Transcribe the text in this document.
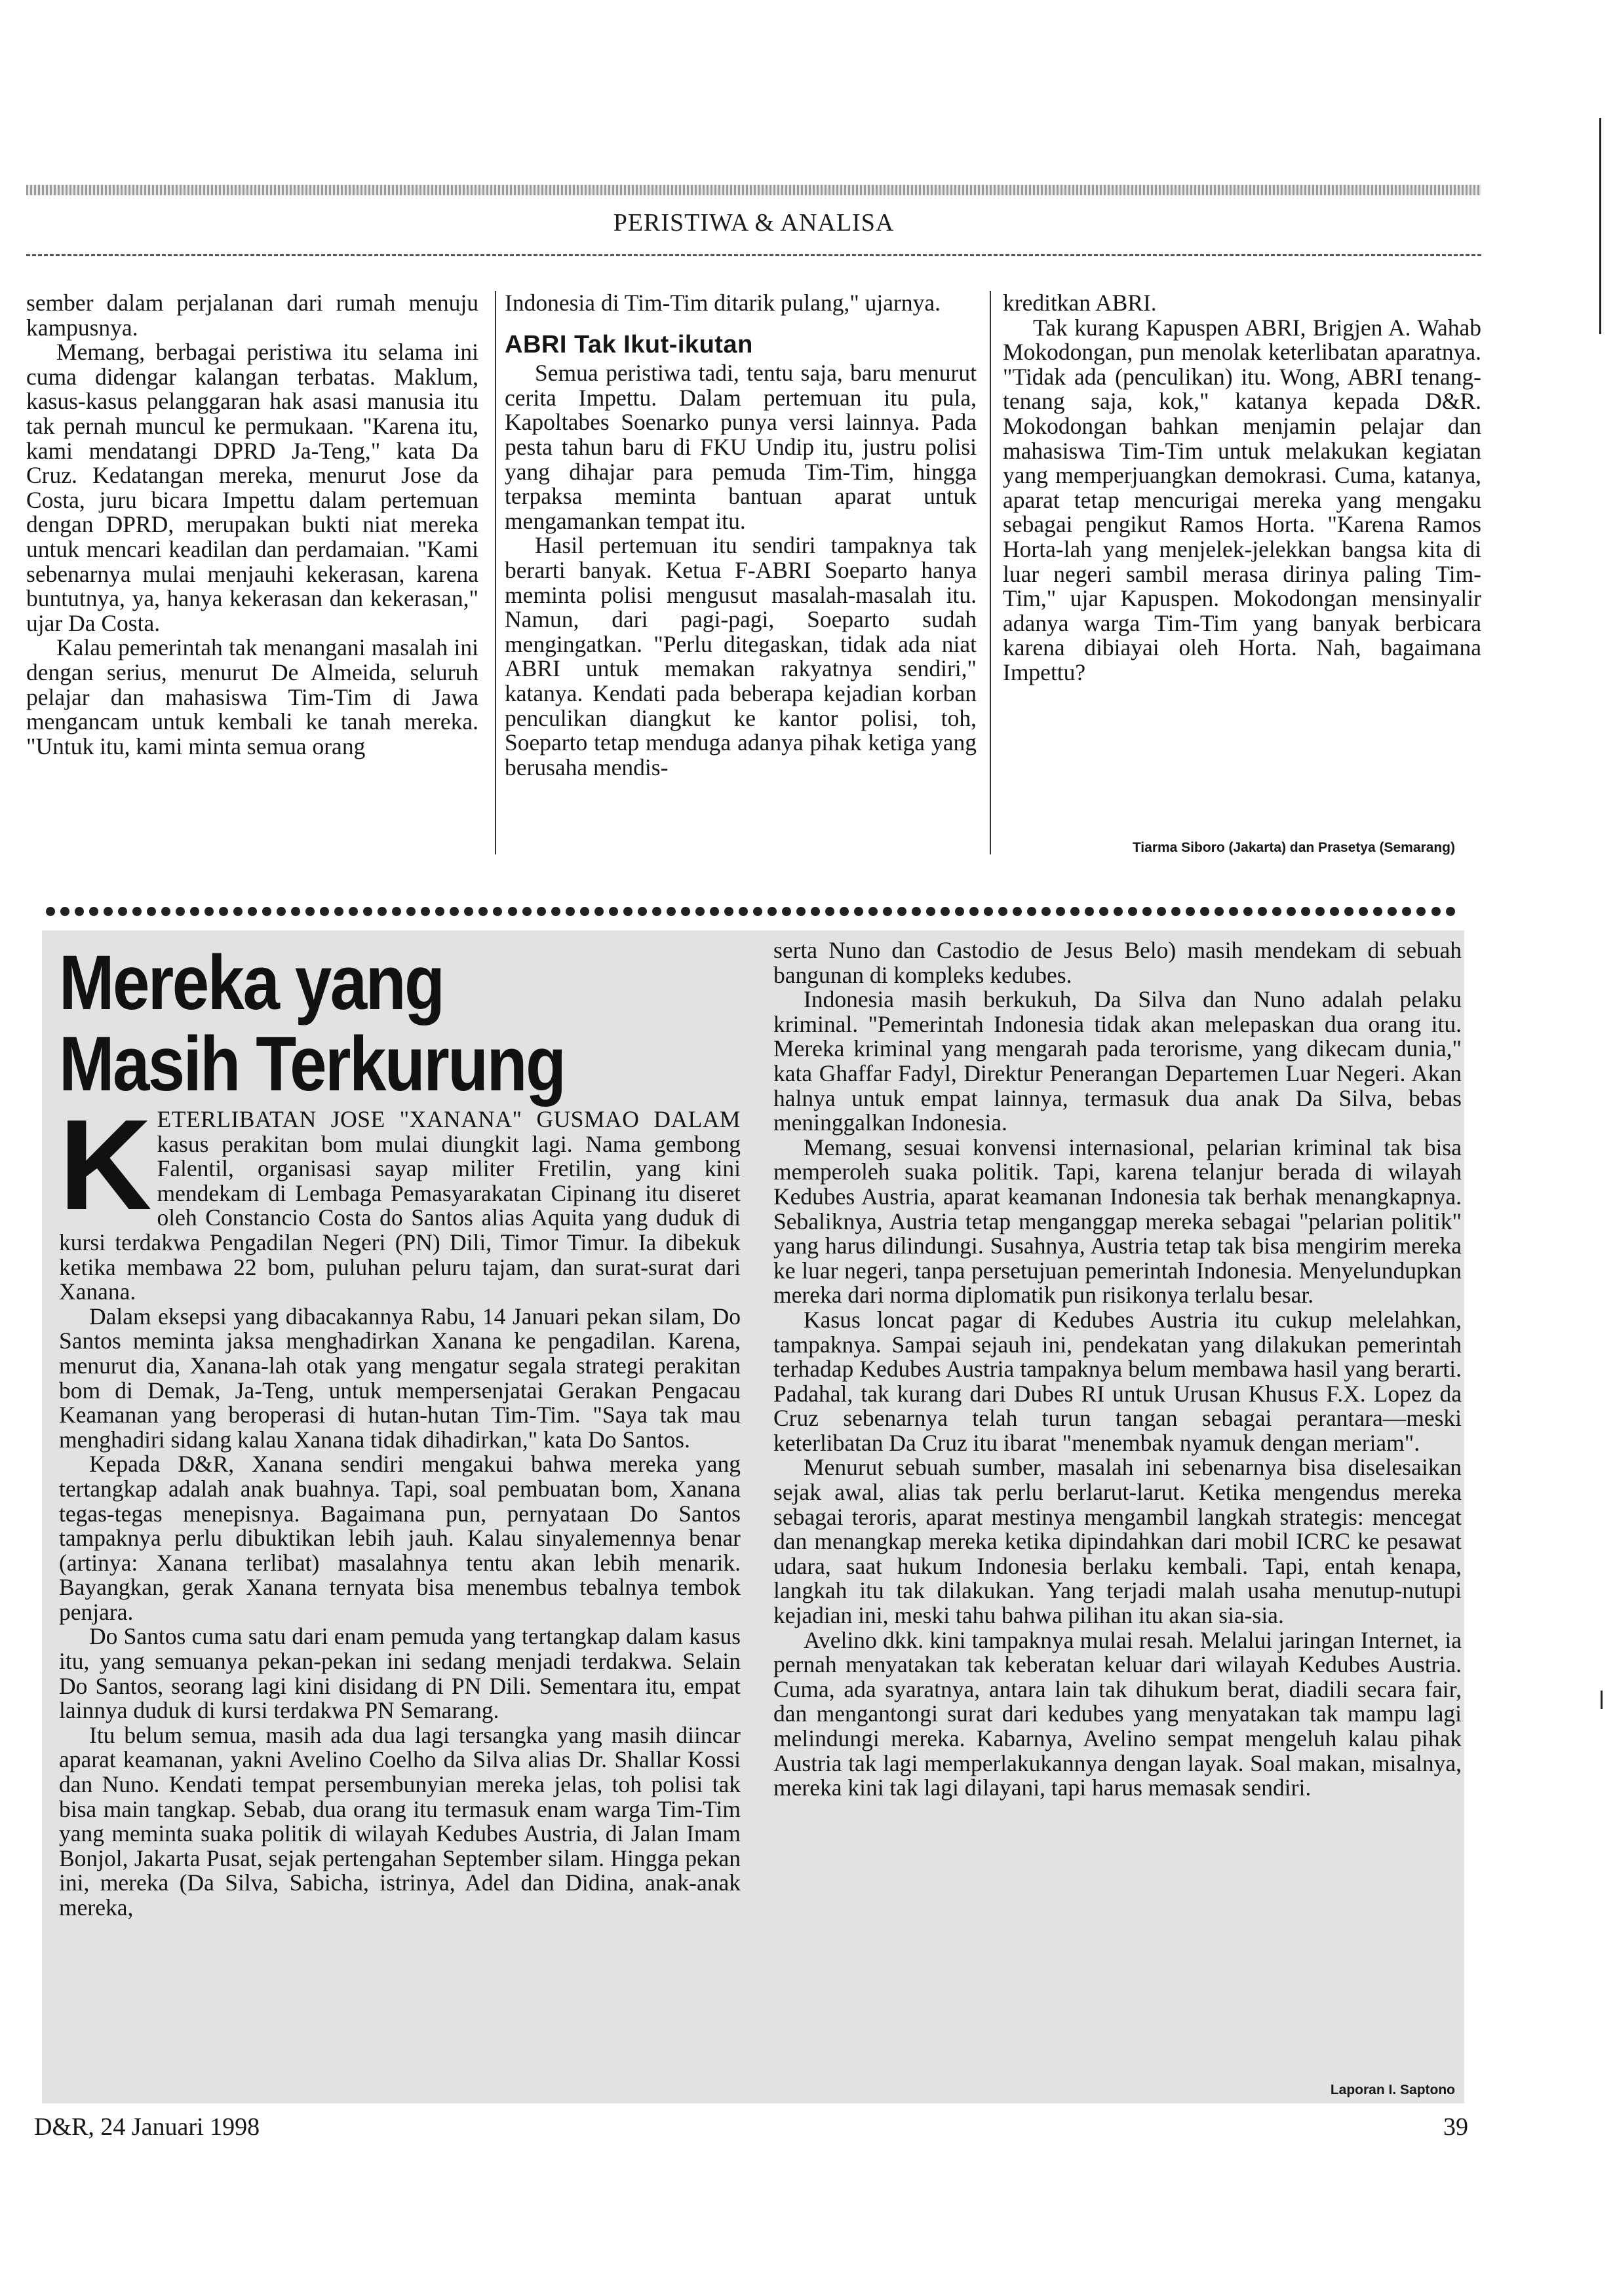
PERISTIWA & ANALISA

sember dalam perjalanan dari rumah menuju kampusnya.

Memang, berbagai peristiwa itu selama ini cuma didengar kalangan terbatas. Maklum, kasus-kasus pelanggaran hak asasi manusia itu tak pernah muncul ke permukaan. "Karena itu, kami mendatangi DPRD Ja-Teng," kata Da Cruz. Kedatangan mereka, menurut Jose da Costa, juru bicara Impettu dalam pertemuan dengan DPRD, merupakan bukti niat mereka untuk mencari keadilan dan perdamaian. "Kami sebenarnya mulai menjauhi kekerasan, karena buntutnya, ya, hanya kekerasan dan kekerasan," ujar Da Costa.

Kalau pemerintah tak menangani masalah ini dengan serius, menurut De Almeida, seluruh pelajar dan mahasiswa Tim-Tim di Jawa mengancam untuk kembali ke tanah mereka. "Untuk itu, kami minta semua orang

Indonesia di Tim-Tim ditarik pulang," ujarnya.

ABRI Tak Ikut-ikutan

Semua peristiwa tadi, tentu saja, baru menurut cerita Impettu. Dalam pertemuan itu pula, Kapoltabes Soenarko punya versi lainnya. Pada pesta tahun baru di FKU Undip itu, justru polisi yang dihajar para pemuda Tim-Tim, hingga terpaksa meminta bantuan aparat untuk mengamankan tempat itu.

Hasil pertemuan itu sendiri tampaknya tak berarti banyak. Ketua F-ABRI Soeparto hanya meminta polisi mengusut masalah-masalah itu. Namun, dari pagi-pagi, Soeparto sudah mengingatkan. "Perlu ditegaskan, tidak ada niat ABRI untuk memakan rakyatnya sendiri," katanya. Kendati pada beberapa kejadian korban penculikan diangkut ke kantor polisi, toh, Soeparto tetap menduga adanya pihak ketiga yang berusaha mendis-

kreditkan ABRI.

Tak kurang Kapuspen ABRI, Brigjen A. Wahab Mokodongan, pun menolak keterlibatan aparatnya. "Tidak ada (penculikan) itu. Wong, ABRI tenang-tenang saja, kok," katanya kepada D&R. Mokodongan bahkan menjamin pelajar dan mahasiswa Tim-Tim untuk melakukan kegiatan yang memperjuangkan demokrasi. Cuma, katanya, aparat tetap mencurigai mereka yang mengaku sebagai pengikut Ramos Horta. "Karena Ramos Horta-lah yang menjelek-jelekkan bangsa kita di luar negeri sambil merasa dirinya paling Tim-Tim," ujar Kapuspen. Mokodongan mensinyalir adanya warga Tim-Tim yang banyak berbicara karena dibiayai oleh Horta. Nah, bagaimana Impettu?

Tiarma Siboro (Jakarta) dan Prasetya (Semarang)
Mereka yang Masih Terkurung

KETERLIBATAN JOSE "XANANA" GUSMAO DALAM kasus perakitan bom mulai diungkit lagi. Nama gembong Falentil, organisasi sayap militer Fretilin, yang kini mendekam di Lembaga Pemasyarakatan Cipinang itu diseret oleh Constancio Costa do Santos alias Aquita yang duduk di kursi terdakwa Pengadilan Negeri (PN) Dili, Timor Timur. Ia dibekuk ketika membawa 22 bom, puluhan peluru tajam, dan surat-surat dari Xanana.

Dalam eksepsi yang dibacakannya Rabu, 14 Januari pekan silam, Do Santos meminta jaksa menghadirkan Xanana ke pengadilan. Karena, menurut dia, Xanana-lah otak yang mengatur segala strategi perakitan bom di Demak, Ja-Teng, untuk mempersenjatai Gerakan Pengacau Keamanan yang beroperasi di hutan-hutan Tim-Tim. "Saya tak mau menghadiri sidang kalau Xanana tidak dihadirkan," kata Do Santos.

Kepada D&R, Xanana sendiri mengakui bahwa mereka yang tertangkap adalah anak buahnya. Tapi, soal pembuatan bom, Xanana tegas-tegas menepisnya. Bagaimana pun, pernyataan Do Santos tampaknya perlu dibuktikan lebih jauh. Kalau sinyalemennya benar (artinya: Xanana terlibat) masalahnya tentu akan lebih menarik. Bayangkan, gerak Xanana ternyata bisa menembus tebalnya tembok penjara.

Do Santos cuma satu dari enam pemuda yang tertangkap dalam kasus itu, yang semuanya pekan-pekan ini sedang menjadi terdakwa. Selain Do Santos, seorang lagi kini disidang di PN Dili. Sementara itu, empat lainnya duduk di kursi terdakwa PN Semarang.

Itu belum semua, masih ada dua lagi tersangka yang masih diincar aparat keamanan, yakni Avelino Coelho da Silva alias Dr. Shallar Kossi dan Nuno. Kendati tempat persembunyian mereka jelas, toh polisi tak bisa main tangkap. Sebab, dua orang itu termasuk enam warga Tim-Tim yang meminta suaka politik di wilayah Kedubes Austria, di Jalan Imam Bonjol, Jakarta Pusat, sejak pertengahan September silam. Hingga pekan ini, mereka (Da Silva, Sabicha, istrinya, Adel dan Didina, anak-anak mereka,

serta Nuno dan Castodio de Jesus Belo) masih mendekam di sebuah bangunan di kompleks kedubes.

Indonesia masih berkukuh, Da Silva dan Nuno adalah pelaku kriminal. "Pemerintah Indonesia tidak akan melepaskan dua orang itu. Mereka kriminal yang mengarah pada terorisme, yang dikecam dunia," kata Ghaffar Fadyl, Direktur Penerangan Departemen Luar Negeri. Akan halnya untuk empat lainnya, termasuk dua anak Da Silva, bebas meninggalkan Indonesia.

Memang, sesuai konvensi internasional, pelarian kriminal tak bisa memperoleh suaka politik. Tapi, karena telanjur berada di wilayah Kedubes Austria, aparat keamanan Indonesia tak berhak menangkapnya. Sebaliknya, Austria tetap menganggap mereka sebagai "pelarian politik" yang harus dilindungi. Susahnya, Austria tetap tak bisa mengirim mereka ke luar negeri, tanpa persetujuan pemerintah Indonesia. Menyelundupkan mereka dari norma diplomatik pun risikonya terlalu besar.

Kasus loncat pagar di Kedubes Austria itu cukup melelahkan, tampaknya. Sampai sejauh ini, pendekatan yang dilakukan pemerintah terhadap Kedubes Austria tampaknya belum membawa hasil yang berarti. Padahal, tak kurang dari Dubes RI untuk Urusan Khusus F.X. Lopez da Cruz sebenarnya telah turun tangan sebagai perantara—meski keterlibatan Da Cruz itu ibarat "menembak nyamuk dengan meriam".

Menurut sebuah sumber, masalah ini sebenarnya bisa diselesaikan sejak awal, alias tak perlu berlarut-larut. Ketika mengendus mereka sebagai teroris, aparat mestinya mengambil langkah strategis: mencegat dan menangkap mereka ketika dipindahkan dari mobil ICRC ke pesawat udara, saat hukum Indonesia berlaku kembali. Tapi, entah kenapa, langkah itu tak dilakukan. Yang terjadi malah usaha menutup-nutupi kejadian ini, meski tahu bahwa pilihan itu akan sia-sia.

Avelino dkk. kini tampaknya mulai resah. Melalui jaringan Internet, ia pernah menyatakan tak keberatan keluar dari wilayah Kedubes Austria. Cuma, ada syaratnya, antara lain tak dihukum berat, diadili secara fair, dan mengantongi surat dari kedubes yang menyatakan tak mampu lagi melindungi mereka. Kabarnya, Avelino sempat mengeluh kalau pihak Austria tak lagi memperlakukannya dengan layak. Soal makan, misalnya, mereka kini tak lagi dilayani, tapi harus memasak sendiri.

Laporan I. Saptono
D&R, 24 Januari 1998	39
